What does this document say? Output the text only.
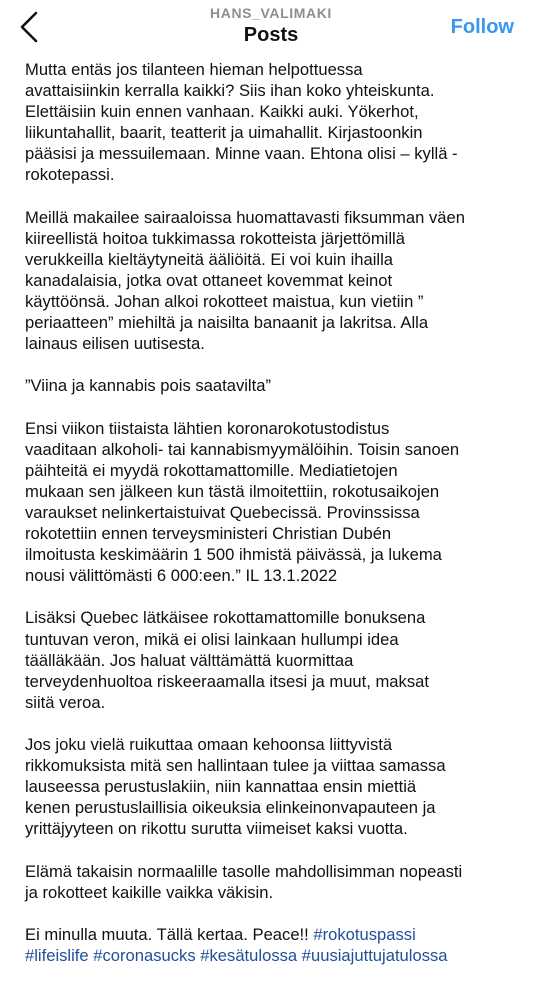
HANS_VALIMAKI
Posts	Follow

Mutta entäs jos tilanteen hieman helpottuessa
avattaisiinkin kerralla kaikki? Siis ihan koko yhteiskunta.
Elettäisiin kuin ennen vanhaan. Kaikki auki. Yökerhot,
liikuntahallit, baarit, teatterit ja uimahallit. Kirjastoonkin
pääsisi ja messuilemaan. Minne vaan. Ehtona olisi – kyllä -
rokotepassi.

Meillä makailee sairaaloissa huomattavasti fiksumman väen
kiireellistä hoitoa tukkimassa rokotteista järjettömillä
verukkeilla kieltäytyneitä ääliöitä. Ei voi kuin ihailla
kanadalaisia, jotka ovat ottaneet kovemmat keinot
käyttöönsä. Johan alkoi rokotteet maistua, kun vietiin ”
periaatteen” miehiltä ja naisilta banaanit ja lakritsa. Alla
lainaus eilisen uutisesta.

”Viina ja kannabis pois saatavilta”

Ensi viikon tiistaista lähtien koronarokotustodistus
vaaditaan alkoholi- tai kannabismyymälöihin. Toisin sanoen
päihteitä ei myydä rokottamattomille. Mediatietojen
mukaan sen jälkeen kun tästä ilmoitettiin, rokotusaikojen
varaukset nelinkertaistuivat Quebecissä. Provinssissa
rokotettiin ennen terveysministeri Christian Dubén
ilmoitusta keskimäärin 1 500 ihmistä päivässä, ja lukema
nousi välittömästi 6 000:een.” IL 13.1.2022

Lisäksi Quebec lätkäisee rokottamattomille bonuksena
tuntuvan veron, mikä ei olisi lainkaan hullumpi idea
täälläkään. Jos haluat välttämättä kuormittaa
terveydenhuoltoa riskeeraamalla itsesi ja muut, maksat
siitä veroa.

Jos joku vielä ruikuttaa omaan kehoonsa liittyvistä
rikkomuksista mitä sen hallintaan tulee ja viittaa samassa
lauseessa perustuslakiin, niin kannattaa ensin miettiä
kenen perustuslaillisia oikeuksia elinkeinonvapauteen ja
yrittäjyyteen on rikottu surutta viimeiset kaksi vuotta.

Elämä takaisin normaalille tasolle mahdollisimman nopeasti
ja rokotteet kaikille vaikka väkisin.

Ei minulla muuta. Tällä kertaa. Peace!! #rokotuspassi
#lifeislife #coronasucks #kesätulossa #uusiajuttujatulossa
